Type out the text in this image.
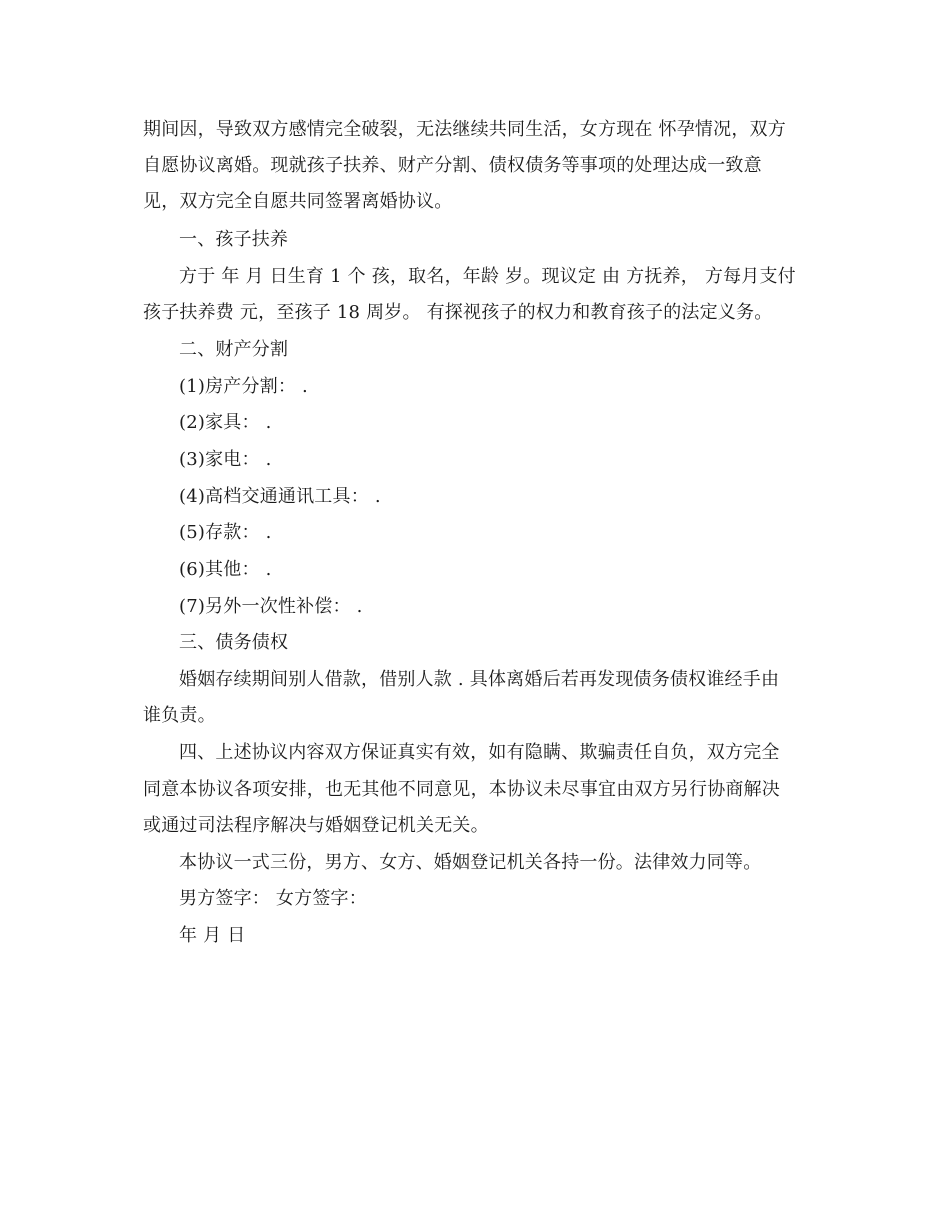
期间因，导致双方感情完全破裂，无法继续共同生活，女方现在 怀孕情况，双方

自愿协议离婚。现就孩子扶养、财产分割、债权债务等事项的处理达成一致意

见，双方完全自愿共同签署离婚协议。

一、孩子扶养

方于 年 月 日生育 1 个 孩，取名，年龄 岁。现议定 由 方抚养， 方每月支付

孩子扶养费 元，至孩子 18 周岁。 有探视孩子的权力和教育孩子的法定义务。

二、财产分割

(1)房产分割： .

(2)家具： .

(3)家电： .

(4)高档交通通讯工具： .

(5)存款： .

(6)其他： .

(7)另外一次性补偿： .

三、债务债权

婚姻存续期间别人借款，借别人款 . 具体离婚后若再发现债务债权谁经手由

谁负责。

四、上述协议内容双方保证真实有效，如有隐瞒、欺骗责任自负，双方完全

同意本协议各项安排，也无其他不同意见，本协议未尽事宜由双方另行协商解决

或通过司法程序解决与婚姻登记机关无关。

本协议一式三份，男方、女方、婚姻登记机关各持一份。法律效力同等。

男方签字： 女方签字：

年 月 日
